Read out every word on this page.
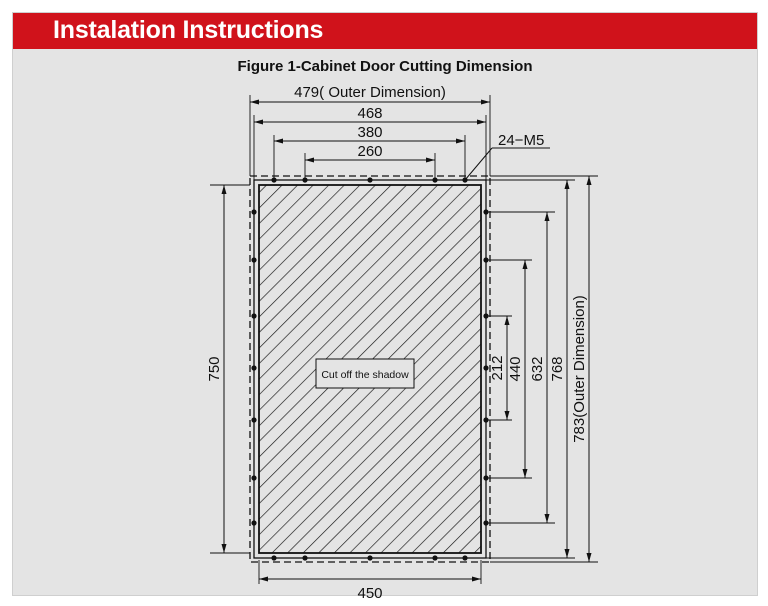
Instalation Instructions
Figure 1-Cabinet Door Cutting Dimension
Cut off the shadow
24−M5
479( Outer Dimension)
468
380
260
450
750	212 440 632 768 783(Outer Dimension)
